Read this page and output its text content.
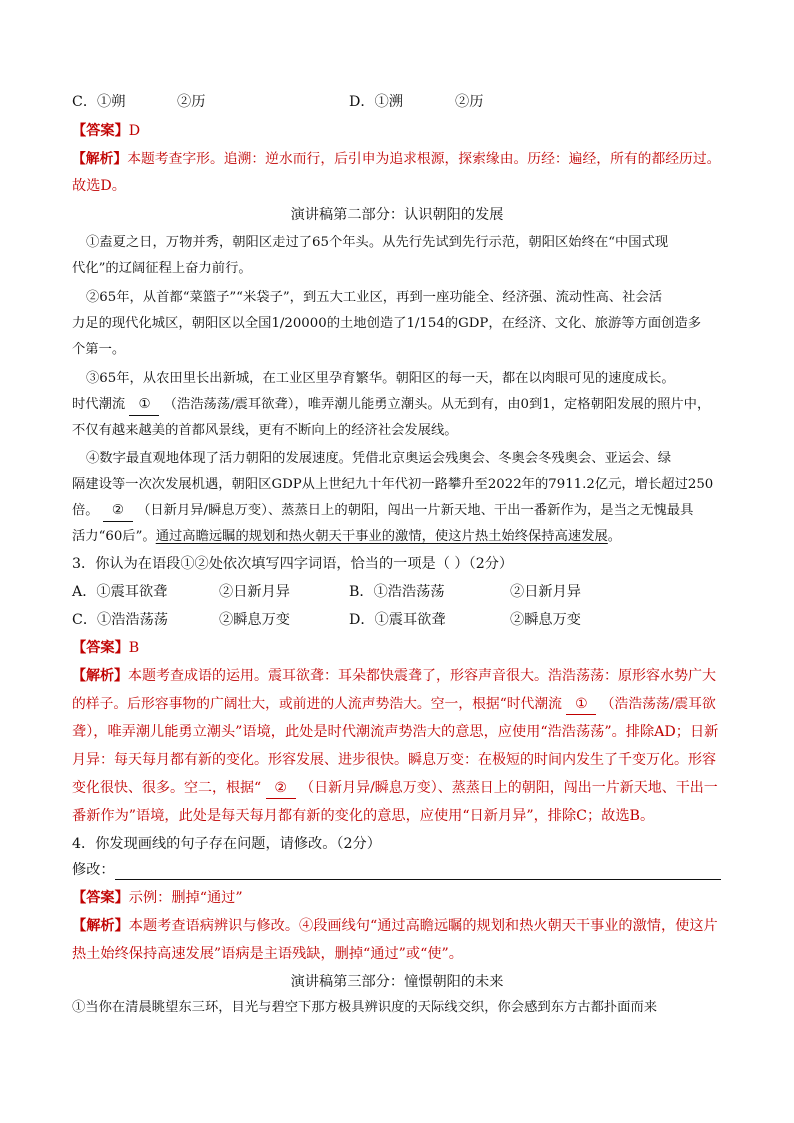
C．①朔	②历	D．①溯	②历
【答案】D
【解析】本题考查字形。追溯：逆水而行，后引申为追求根源，探索缘由。历经：遍经，所有的都经历过。
故选D。
演讲稿第二部分：认识朝阳的发展
①盍夏之日，万物并秀，朝阳区走过了65个年头。从先行先试到先行示范，朝阳区始终在“中国式现
代化”的辽阔征程上奋力前行。
②65年，从首都“菜篮子”“米袋子”，到五大工业区，再到一座功能全、经济强、流动性高、社会活
力足的现代化城区，朝阳区以全国1/20000的土地创造了1/154的GDP，在经济、文化、旅游等方面创造多
个第一。
③65年，从农田里长出新城，在工业区里孕育繁华。朝阳区的每一天，都在以肉眼可见的速度成长。
时代潮流 ① （浩浩荡荡/震耳欲聋），唯弄潮儿能勇立潮头。从无到有，由0到1，定格朝阳发展的照片中，
不仅有越来越美的首都风景线，更有不断向上的经济社会发展线。
④数字最直观地体现了活力朝阳的发展速度。凭借北京奥运会残奥会、冬奥会冬残奥会、亚运会、绿
隔建设等一次次发展机遇，朝阳区GDP从上世纪九十年代初一路攀升至2022年的7911.2亿元，增长超过250
倍。 ② （日新月异/瞬息万变）、蒸蒸日上的朝阳，闯出一片新天地、干出一番新作为，是当之无愧最具
活力“60后”。通过高瞻远瞩的规划和热火朝天干事业的激情，使这片热土始终保持高速发展。
3．你认为在语段①②处依次填写四字词语，恰当的一项是（ ）（2分）
A．①震耳欲聋	②日新月异	B．①浩浩荡荡	②日新月异
C．①浩浩荡荡	②瞬息万变	D．①震耳欲聋	②瞬息万变
【答案】B
【解析】本题考查成语的运用。震耳欲聋：耳朵都快震聋了，形容声音很大。浩浩荡荡：原形容水势广大
的样子。后形容事物的广阔壮大，或前进的人流声势浩大。空一，根据“时代潮流 ① （浩浩荡荡/震耳欲
聋），唯弄潮儿能勇立潮头”语境，此处是时代潮流声势浩大的意思，应使用“浩浩荡荡”。排除AD；日新
月异：每天每月都有新的变化。形容发展、进步很快。瞬息万变：在极短的时间内发生了千变万化。形容
变化很快、很多。空二，根据“ ② （日新月异/瞬息万变）、蒸蒸日上的朝阳，闯出一片新天地、干出一
番新作为”语境，此处是每天每月都有新的变化的意思，应使用“日新月异”，排除C；故选B。
4．你发现画线的句子存在问题，请修改。（2分）
修改：
【答案】示例：删掉“通过”
【解析】本题考查语病辨识与修改。④段画线句“通过高瞻远瞩的规划和热火朝天干事业的激情，使这片
热土始终保持高速发展”语病是主语残缺，删掉“通过”或“使”。
演讲稿第三部分：憧憬朝阳的未来
①当你在清晨眺望东三环，目光与碧空下那方极具辨识度的天际线交织，你会感到东方古都扑面而来
